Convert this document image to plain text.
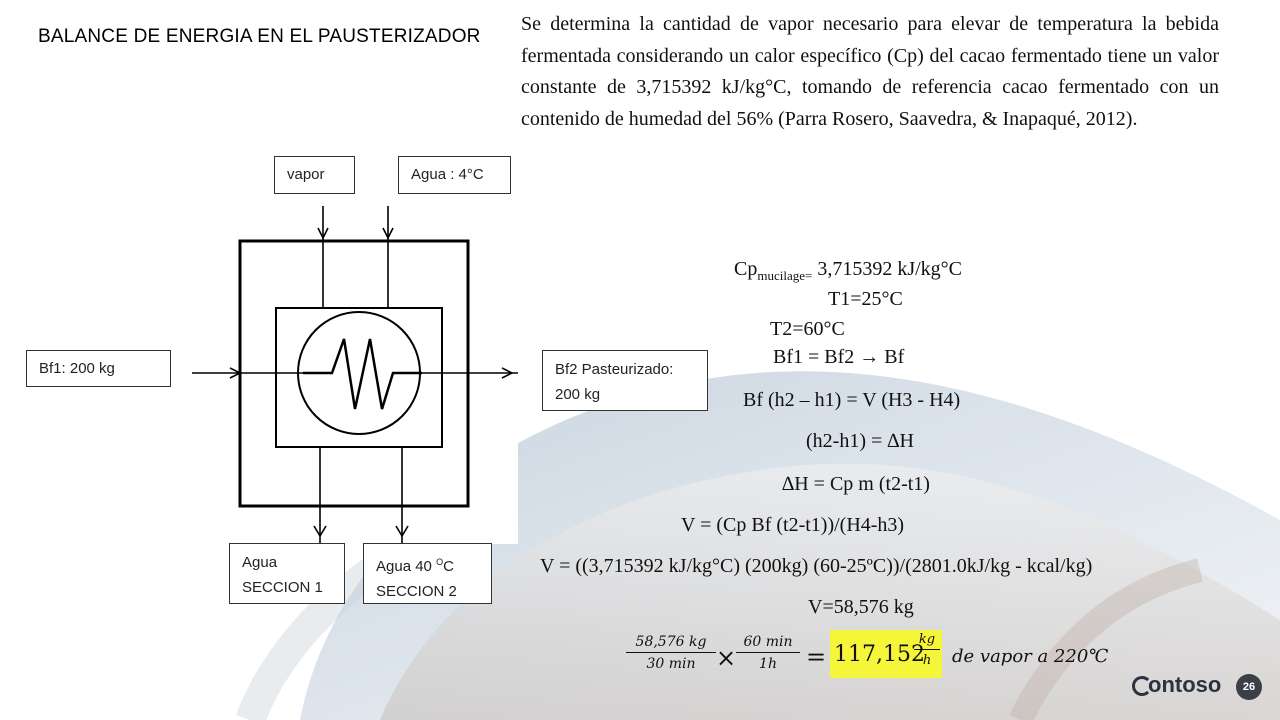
BALANCE DE ENERGIA EN EL PAUSTERIZADOR
Se determina la cantidad de vapor necesario para elevar de temperatura la bebida fermentada considerando un calor específico (Cp) del cacao fermentado tiene un valor constante de 3,715392 kJ/kg°C, tomando de referencia cacao fermentado con un contenido de humedad del 56% (Parra Rosero, Saavedra, & Inapaqué, 2012).
vapor	Agua : 4°C
Bf1: 200 kg	Bf2 Pasteurizado:
200 kg
Agua
SECCION 1
Agua 40 $^O$C
SECCION 2
$Cp_{mucilage=}$ 3,715392 kJ/kg°C
T1=25°C
T2=60°C
Bf1 = Bf2 → Bf
Bf (h2 – h1) = V (H3 - H4)
(h2-h1) = ∆H
∆H = Cp m (t2-t1)
V = (Cp Bf (t2-t1))/(H4-h3)
V = ((3,715392 kJ/kg°C) (200kg) (60-25ºC))/(2801.0kJ/kg - kcal/kg)
V=58,576 kg
58,576 kg
30 min ×
60 min
1h	= 117,152
$\frac{kg}{h}$ de vapor a 220℃
ontoso	26
